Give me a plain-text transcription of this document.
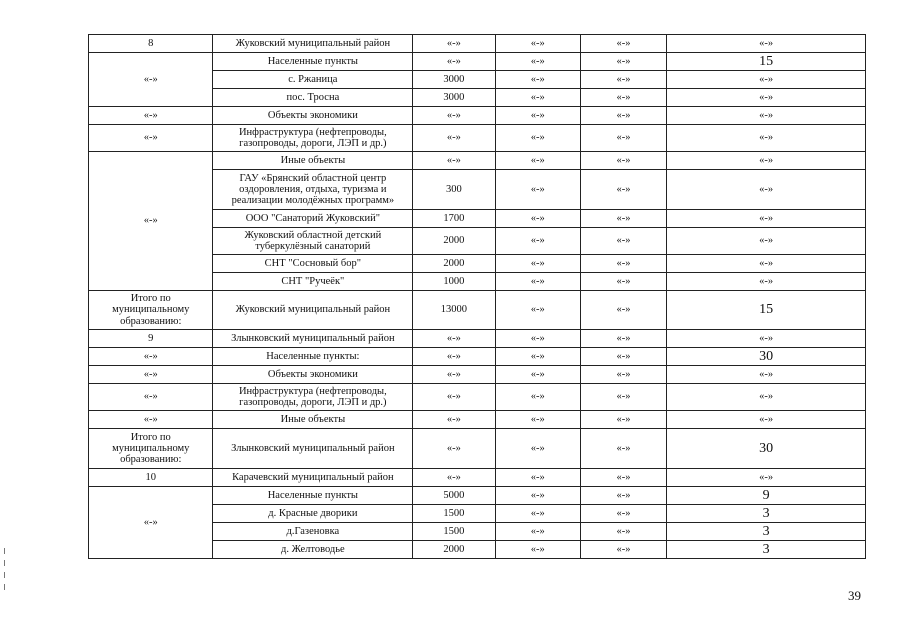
8	Жуковский муниципальный район	«-»	«-»	«-»	«-»
«-»	Населенные пункты	«-»	«-»	«-»	15
	с. Ржаница	3000	«-»	«-»	«-»
	пос. Тросна	3000	«-»	«-»	«-»
«-»	Объекты экономики	«-»	«-»	«-»	«-»
«-»	Инфраструктура (нефтепроводы, газопроводы, дороги, ЛЭП и др.)	«-»	«-»	«-»	«-»
«-»	Иные объекты	«-»	«-»	«-»	«-»
	ГАУ «Брянский областной центр оздоровления, отдыха, туризма и реализации молодёжных программ»	300	«-»	«-»	«-»
	ООО "Санаторий Жуковский"	1700	«-»	«-»	«-»
	Жуковский областной детский туберкулёзный санаторий	2000	«-»	«-»	«-»
	СНТ "Сосновый бор"	2000	«-»	«-»	«-»
	СНТ "Ручеёк"	1000	«-»	«-»	«-»
Итого по муниципальному образованию:	Жуковский муниципальный район	13000	«-»	«-»	15
9	Злынковский муниципальный район	«-»	«-»	«-»	«-»
«-»	Населенные пункты:	«-»	«-»	«-»	30
«-»	Объекты экономики	«-»	«-»	«-»	«-»
«-»	Инфраструктура (нефтепроводы, газопроводы, дороги, ЛЭП и др.)	«-»	«-»	«-»	«-»
«-»	Иные объекты	«-»	«-»	«-»	«-»
Итого по муниципальному образованию:	Злынковский муниципальный район	«-»	«-»	«-»	30
10	Карачевский муниципальный район	«-»	«-»	«-»	«-»
«-»	Населенные пункты	5000	«-»	«-»	9
	д. Красные дворики	1500	«-»	«-»	3
	д.Газеновка	1500	«-»	«-»	3
	д. Желтоводье	2000	«-»	«-»	3
39
